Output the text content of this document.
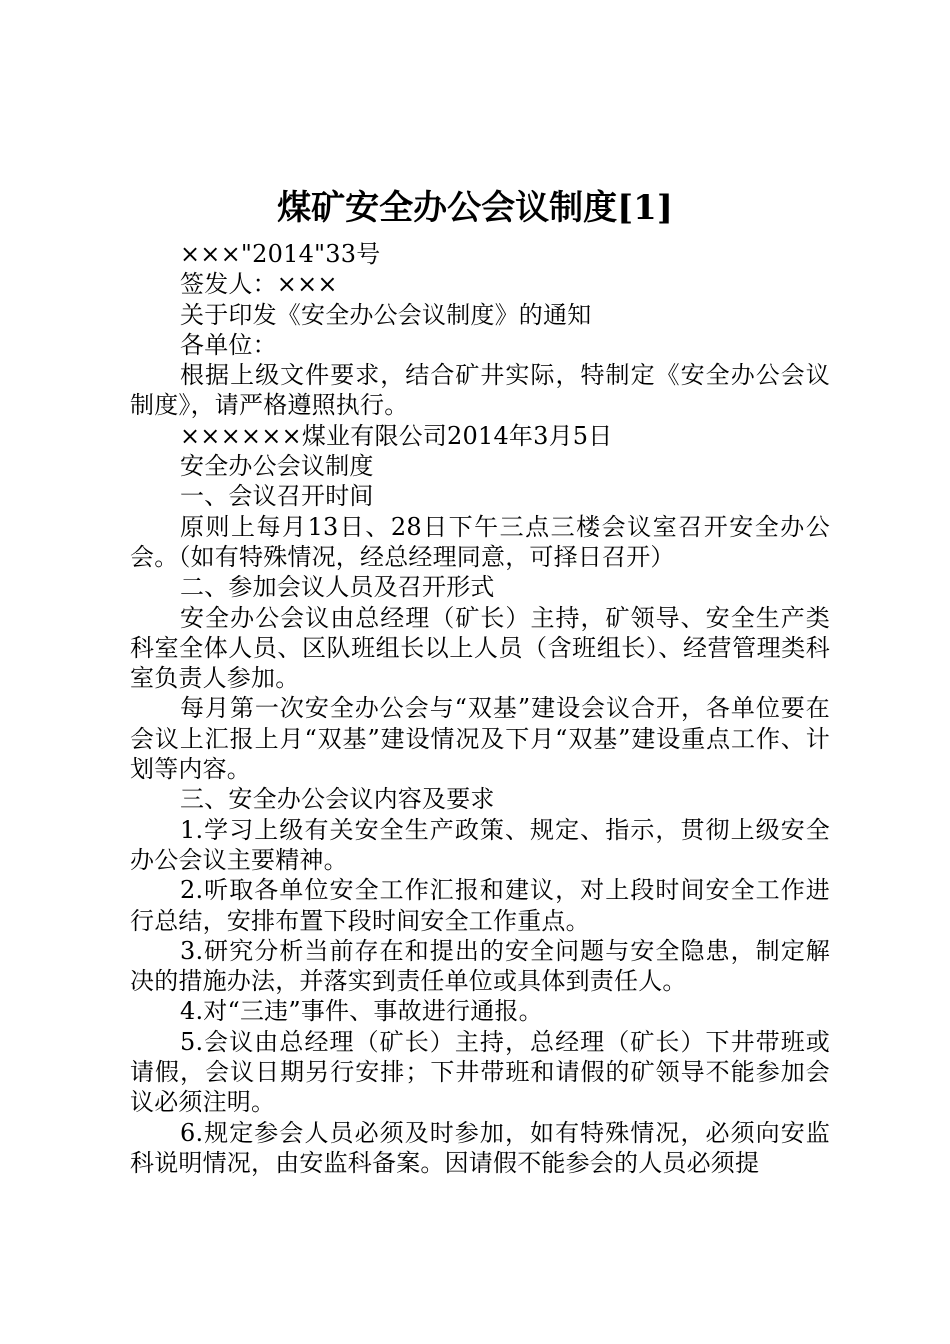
煤矿安全办公会议制度[1]

×××"2014"33号

签发人：×××

关于印发《安全办公会议制度》的通知

各单位：

根据上级文件要求，结合矿井实际，特制定《安全办公会议制度》，请严格遵照执行。

××××××煤业有限公司2014年3月5日

安全办公会议制度

一、会议召开时间

原则上每月13日、28日下午三点三楼会议室召开安全办公会。（如有特殊情况，经总经理同意，可择日召开）

二、参加会议人员及召开形式

安全办公会议由总经理（矿长）主持，矿领导、安全生产类科室全体人员、区队班组长以上人员（含班组长）、经营管理类科室负责人参加。

每月第一次安全办公会与“双基”建设会议合开，各单位要在会议上汇报上月“双基”建设情况及下月“双基”建设重点工作、计划等内容。

三、安全办公会议内容及要求

1.学习上级有关安全生产政策、规定、指示，贯彻上级安全办公会议主要精神。

2.听取各单位安全工作汇报和建议，对上段时间安全工作进行总结，安排布置下段时间安全工作重点。

3.研究分析当前存在和提出的安全问题与安全隐患，制定解决的措施办法，并落实到责任单位或具体到责任人。

4.对“三违”事件、事故进行通报。

5.会议由总经理（矿长）主持，总经理（矿长）下井带班或请假，会议日期另行安排；下井带班和请假的矿领导不能参加会议必须注明。

6.规定参会人员必须及时参加，如有特殊情况，必须向安监科说明情况，由安监科备案。因请假不能参会的人员必须提
